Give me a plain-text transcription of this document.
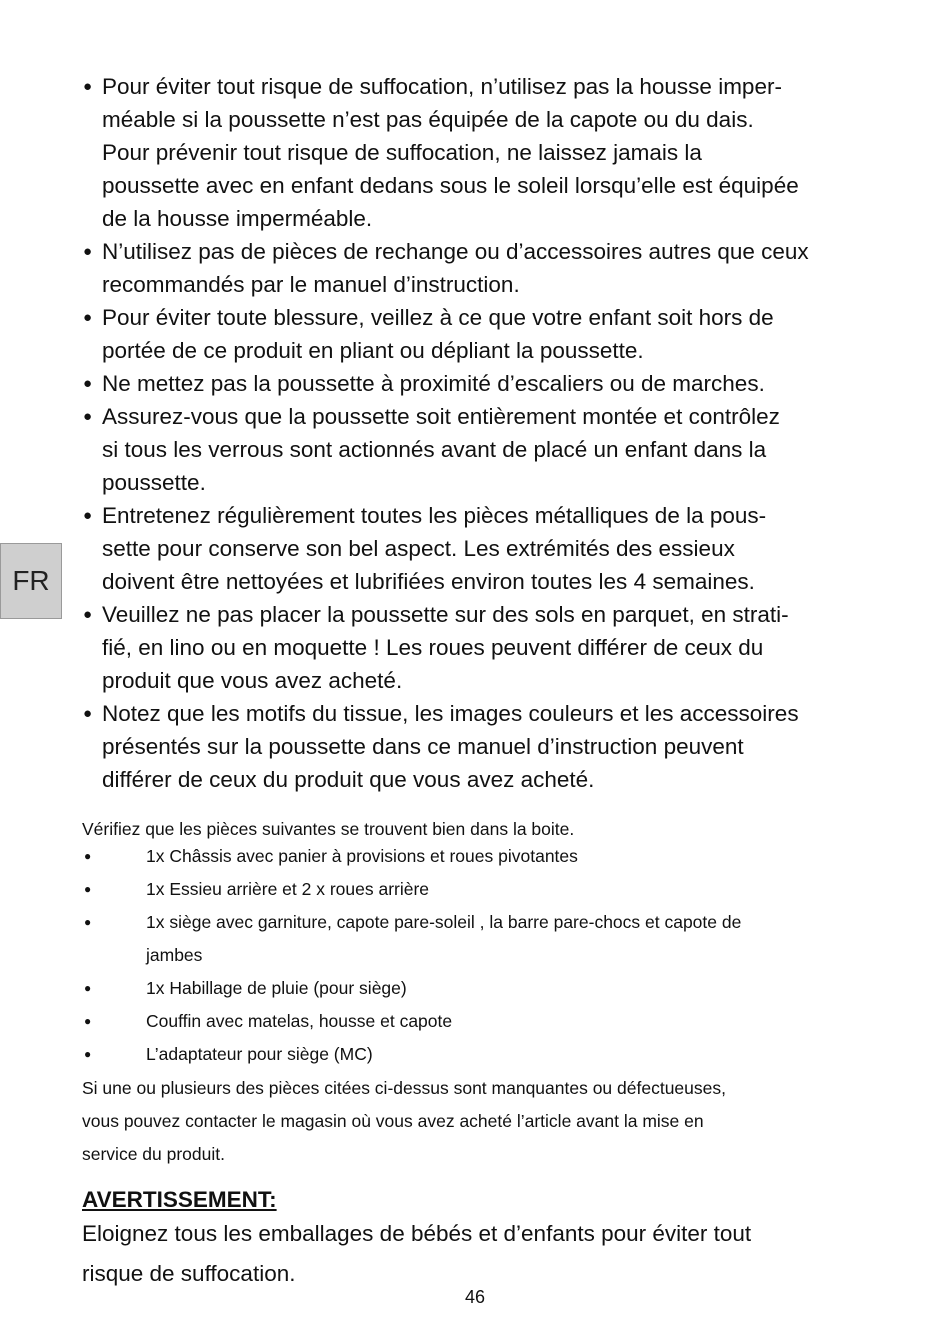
FR
● Pour éviter tout risque de suffocation, n’utilisez pas la housse imper-
méable si la poussette n’est pas équipée de la capote ou du dais.
Pour prévenir tout risque de suffocation, ne laissez jamais la
poussette avec en enfant dedans sous le soleil lorsqu’elle est équipée
de la housse imperméable.
● N’utilisez pas de pièces de rechange ou d’accessoires autres que ceux
recommandés par le manuel d’instruction.
● Pour éviter toute blessure, veillez à ce que votre enfant soit hors de
portée de ce produit en pliant ou dépliant la poussette.
● Ne mettez pas la poussette à proximité d’escaliers ou de marches.
● Assurez-vous que la poussette soit entièrement montée et contrôlez
si tous les verrous sont actionnés avant de placé un enfant dans la
poussette.
● Entretenez régulièrement toutes les pièces métalliques de la pous-
sette pour conserve son bel aspect. Les extrémités des essieux
doivent être nettoyées et lubrifiées environ toutes les 4 semaines.
● Veuillez ne pas placer la poussette sur des sols en parquet, en strati-
fié, en lino ou en moquette ! Les roues peuvent différer de ceux du
produit que vous avez acheté.
● Notez que les motifs du tissue, les images couleurs et les accessoires
présentés sur la poussette dans ce manuel d’instruction peuvent
différer de ceux du produit que vous avez acheté.
Vérifiez que les pièces suivantes se trouvent bien dans la boite.
●	1x Châssis avec panier à provisions et roues pivotantes
●	1x Essieu arrière et 2 x roues arrière
●	1x siège avec garniture, capote pare-soleil , la barre pare-chocs et capote de
jambes
●	1x Habillage de pluie (pour siège)
●	Couffin avec matelas, housse et capote
●	L’adaptateur pour siège (MC)
Si une ou plusieurs des pièces citées ci-dessus sont manquantes ou défectueuses,
vous pouvez contacter le magasin où vous avez acheté l’article avant la mise en
service du produit.
AVERTISSEMENT:
Eloignez tous les emballages de bébés et d’enfants pour éviter tout
risque de suffocation.
46
